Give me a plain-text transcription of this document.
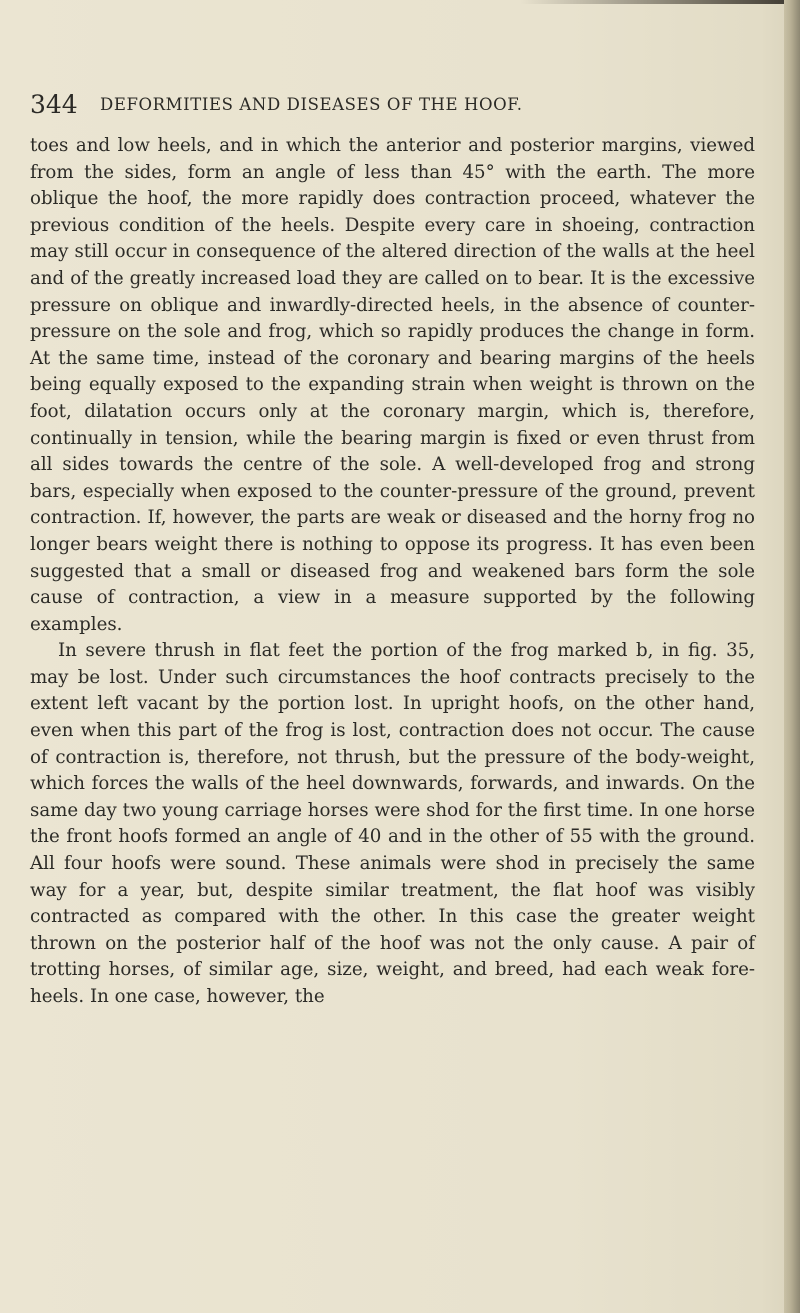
344 DEFORMITIES AND DISEASES OF THE HOOF.

toes and low heels, and in which the anterior and posterior margins, viewed from the sides, form an angle of less than 45° with the earth. The more oblique the hoof, the more rapidly does contraction proceed, whatever the previous condition of the heels. Despite every care in shoeing, contraction may still occur in consequence of the altered direction of the walls at the heel and of the greatly increased load they are called on to bear. It is the excessive pressure on oblique and inwardly-directed heels, in the absence of counter-pressure on the sole and frog, which so rapidly produces the change in form. At the same time, instead of the coronary and bearing margins of the heels being equally exposed to the expanding strain when weight is thrown on the foot, dilatation occurs only at the coronary margin, which is, therefore, continually in tension, while the bearing margin is fixed or even thrust from all sides towards the centre of the sole. A well-developed frog and strong bars, especially when exposed to the counter-pressure of the ground, prevent contraction. If, however, the parts are weak or diseased and the horny frog no longer bears weight there is nothing to oppose its progress. It has even been suggested that a small or diseased frog and weakened bars form the sole cause of contraction, a view in a measure supported by the following examples.

In severe thrush in flat feet the portion of the frog marked b, in fig. 35, may be lost. Under such circumstances the hoof contracts precisely to the extent left vacant by the portion lost. In upright hoofs, on the other hand, even when this part of the frog is lost, contraction does not occur. The cause of contraction is, therefore, not thrush, but the pressure of the body-weight, which forces the walls of the heel downwards, forwards, and inwards. On the same day two young carriage horses were shod for the first time. In one horse the front hoofs formed an angle of 40 and in the other of 55 with the ground. All four hoofs were sound. These animals were shod in precisely the same way for a year, but, despite similar treatment, the flat hoof was visibly contracted as compared with the other. In this case the greater weight thrown on the posterior half of the hoof was not the only cause. A pair of trotting horses, of similar age, size, weight, and breed, had each weak fore-heels. In one case, however, the
